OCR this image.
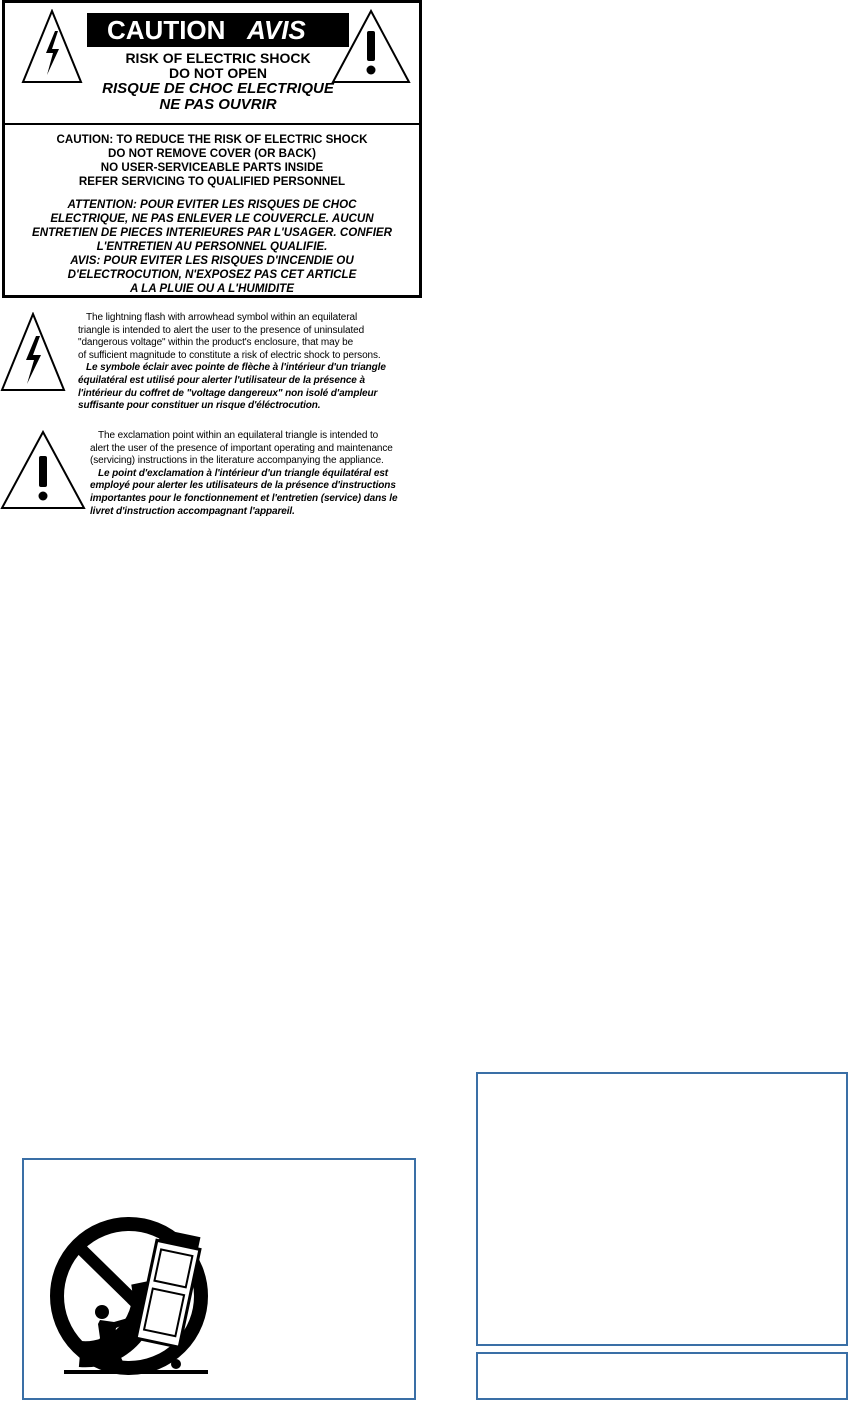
CAUTION AVIS
RISK OF ELECTRIC SHOCK
DO NOT OPEN
RISQUE DE CHOC ELECTRIQUE
NE PAS OUVRIR
CAUTION: TO REDUCE THE RISK OF ELECTRIC SHOCK
DO NOT REMOVE COVER (OR BACK)
NO USER-SERVICEABLE PARTS INSIDE
REFER SERVICING TO QUALIFIED PERSONNEL
ATTENTION: POUR EVITER LES RISQUES DE CHOC
ELECTRIQUE, NE PAS ENLEVER LE COUVERCLE. AUCUN
ENTRETIEN DE PIECES INTERIEURES PAR L'USAGER. CONFIER
L'ENTRETIEN AU PERSONNEL QUALIFIE.
AVIS: POUR EVITER LES RISQUES D'INCENDIE OU
D'ELECTROCUTION, N'EXPOSEZ PAS CET ARTICLE
A LA PLUIE OU A L'HUMIDITE
The lightning flash with arrowhead symbol within an equilateral
triangle is intended to alert the user to the presence of uninsulated
"dangerous voltage" within the product's enclosure, that may be
of sufficient magnitude to constitute a risk of electric shock to persons.
Le symbole éclair avec pointe de flèche à l'intérieur d'un triangle
équilatéral est utilisé pour alerter l'utilisateur de la présence à
l'intérieur du coffret de "voltage dangereux" non isolé d'ampleur
suffisante pour constituer un risque d'éléctrocution.
The exclamation point within an equilateral triangle is intended to
alert the user of the presence of important operating and maintenance
(servicing) instructions in the literature accompanying the appliance.
Le point d'exclamation à l'intérieur d'un triangle équilatéral est
employé pour alerter les utilisateurs de la présence d'instructions
importantes pour le fonctionnement et l'entretien (service) dans le
livret d'instruction accompagnant l'appareil.
